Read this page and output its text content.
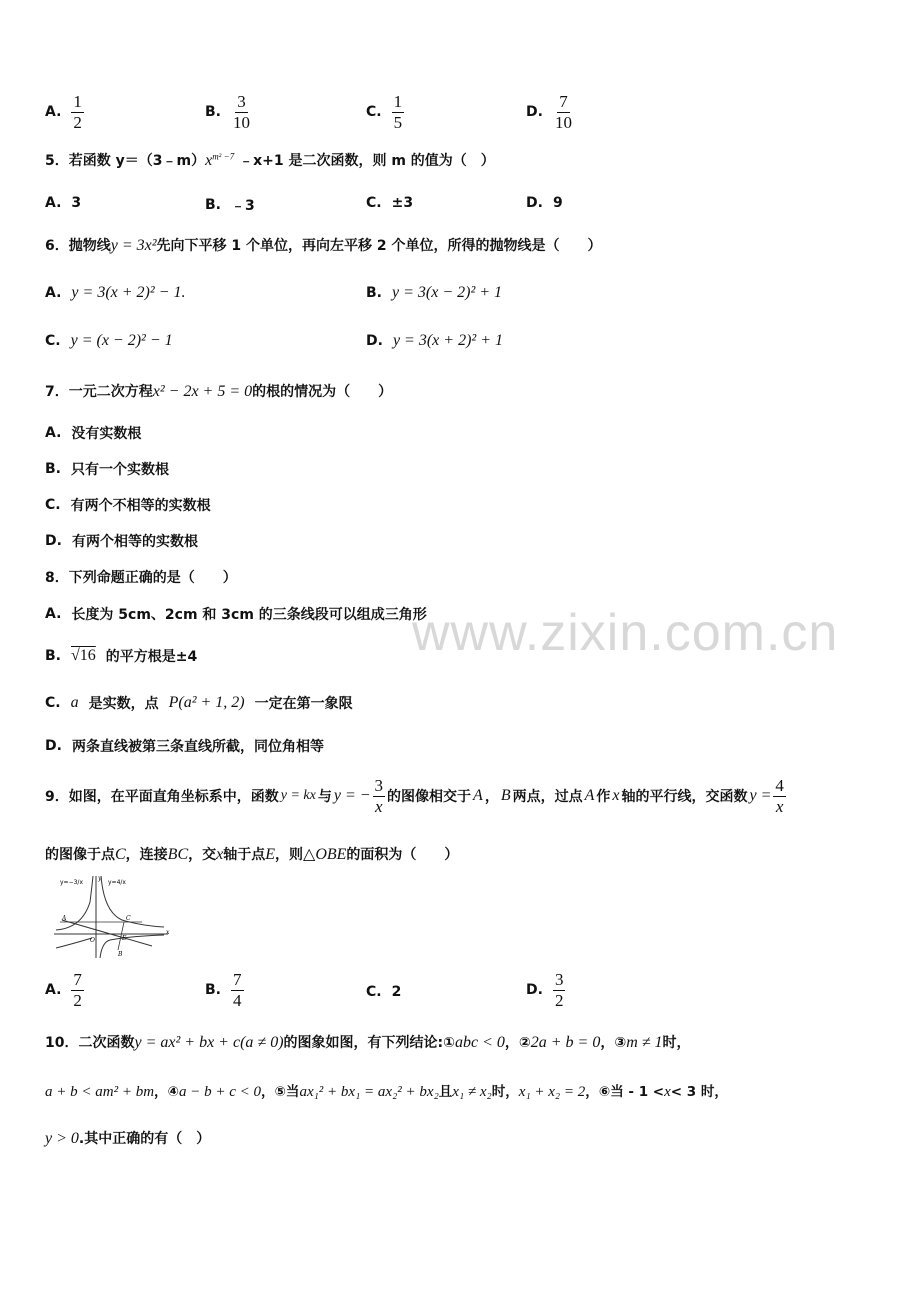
A. $\frac{1}{2}$	B. $\frac{3}{10}$	C. $\frac{1}{5}$	D. $\frac{7}{10}$
5．若函数 $y=(3﹣m)x^{m^2 -7}$ ﹣x+1 是二次函数，则 m 的值为（　）
A. 3	B. ﹣3	C. ±3	D. 9
6．抛物线y = 3x²先向下平移 1 个单位，再向左平移 2 个单位，所得的抛物线是（　　）
A. y = 3(x + 2)² − 1.	B. y = 3(x − 2)² + 1
C. y = (x − 2)² − 1	D. y = 3(x + 2)² + 1
7．一元二次方程x² − 2x + 5 = 0的根的情况为（　　）
A. 没有实数根
B. 只有一个实数根
C. 有两个不相等的实数根
D. 有两个相等的实数根
8．下列命题正确的是（　　）
A. 长度为 5cm、2cm 和 3cm 的三条线段可以组成三角形
B. √16 的平方根是±4
C. a 是实数，点 P(a² + 1, 2) 一定在第一象限
D. 两条直线被第三条直线所截，同位角相等
www.zixin.com.cn
9．如图，在平面直角坐标系中，函数 y = kx 与 y = − $\frac{3}{x}$ 的图像相交于 A ， B 两点，过点 A 作 x 轴的平行线，交函数 $y = \frac{4}{x}$
的图像于点C，连接BC，交x轴于点E，则△OBE的面积为（　　）
y=−3/x	y=4/x
A	C
O	E
B
x
y
A. $\frac{7}{2}$	B. $\frac{7}{4}$	C. 2	D. $\frac{3}{2}$
10．二次函数y = ax² + bx + c(a ≠ 0)的图象如图，有下列结论:①abc < 0，②2a + b = 0，③m ≠ 1时，
a + b < am² + bm，④a − b + c < 0，⑤当ax₁² + bx₁ = ax₂² + bx₂且x₁ ≠ x₂时，x₁ + x₂ = 2，⑥当 - 1 <x< 3 时，
y > 0.其中正确的有（　）
